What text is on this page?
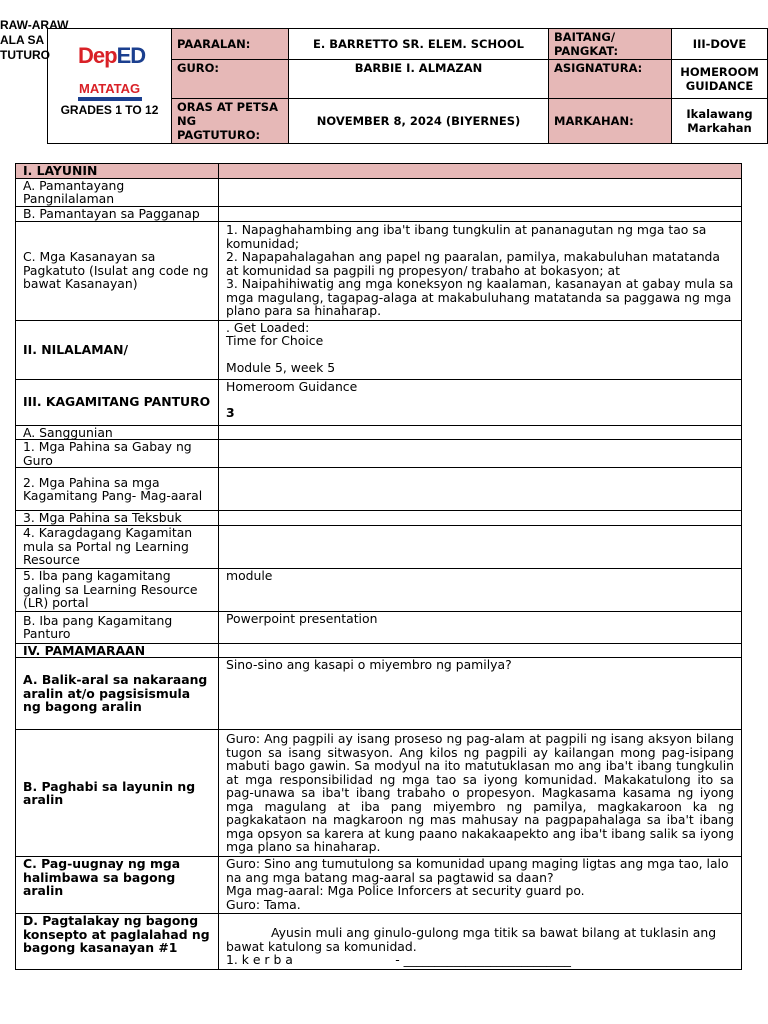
RAW-ARAW
ALA SA
TUTURO DepED
MATATAG
GRADES 1 TO 12	PAARALAN:	E. BARRETTO SR. ELEM. SCHOOL	BAITANG/ PANGKAT:	III-DOVE
	GURO:	BARBIE I. ALMAZAN	ASIGNATURA:	HOMEROOM GUIDANCE
	ORAS AT PETSA NG PAGTUTURO:	NOVEMBER 8, 2024 (BIYERNES)	MARKAHAN:	Ikalawang Markahan
I. LAYUNIN	
A. Pamantayang Pangnilalaman	
B. Pamantayan sa Pagganap	
C. Mga Kasanayan sa Pagkatuto (Isulat ang code ng bawat Kasanayan)	1. Napaghahambing ang iba't ibang tungkulin at pananagutan ng mga tao sa komunidad;
2. Napapahalagahan ang papel ng paaralan, pamilya, makabuluhan matatanda at komunidad sa pagpili ng propesyon/ trabaho at bokasyon; at
3. Naipahihiwatig ang mga koneksyon ng kaalaman, kasanayan at gabay mula sa mga magulang, tagapag-alaga at makabuluhang matatanda sa paggawa ng mga plano para sa hinaharap.

II. NILALAMAN/	. Get Loaded:
Time for Choice
Module 5, week 5

III. KAGAMITANG PANTURO	Homeroom Guidance
3

A. Sanggunian	
1. Mga Pahina sa Gabay ng Guro	
2. Mga Pahina sa mga Kagamitang Pang- Mag-aaral	
3. Mga Pahina sa Teksbuk	
4. Karagdagang Kagamitan mula sa Portal ng Learning Resource	
5. Iba pang kagamitang galing sa Learning Resource (LR) portal	module
B. Iba pang Kagamitang Panturo	Powerpoint presentation
IV. PAMAMARAAN	
A. Balik-aral sa nakaraang aralin at/o pagsisismula ng bagong aralin	Sino-sino ang kasapi o miyembro ng pamilya?
B. Paghabi sa layunin ng aralin	Guro: Ang pagpili ay isang proseso ng pag-alam at pagpili ng isang aksyon bilang tugon sa isang sitwasyon. Ang kilos ng pagpili ay kailangan mong pag-isipang mabuti bago gawin. Sa modyul na ito matutuklasan mo ang iba't ibang tungkulin at mga responsibilidad ng mga tao sa iyong komunidad. Makakatulong ito sa pag-unawa sa iba't ibang trabaho o propesyon. Magkasama kasama ng iyong mga magulang at iba pang miyembro ng pamilya, magkakaroon ka ng pagkakataon na magkaroon ng mas mahusay na pagpapahalaga sa iba't ibang mga opsyon sa karera at kung paano nakakaapekto ang iba't ibang salik sa iyong mga plano sa hinaharap.
C. Pag-uugnay ng mga halimbawa sa bagong aralin	Guro: Sino ang tumutulong sa komunidad upang maging ligtas ang mga tao, lalo na ang mga batang mag-aaral sa pagtawid sa daan?
Mga mag-aaral: Mga Police Inforcers at security guard po.
Guro: Tama.

D. Pagtalakay ng bagong konsepto at paglalahad ng bagong kasanayan #1	Ayusin muli ang ginulo-gulong mga titik sa bawat bilang at tuklasin ang bawat katulong sa komunidad.
1. k e r b a                          - ___________________________
